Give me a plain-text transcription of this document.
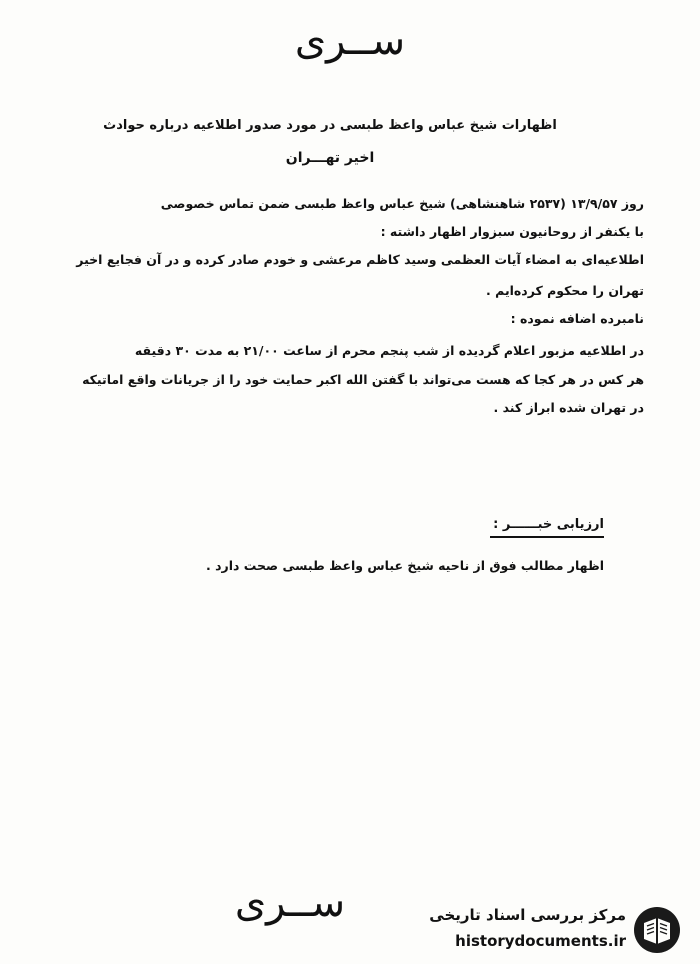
ســری
اظهارات شیخ عباس واعظ طبسی در مورد صدور اطلاعیه درباره حوادث
اخیر تهـــران
روز ۱۳/۹/۵۷ (۲۵۳۷ شاهنشاهی) شیخ عباس واعظ طبسی ضمن تماس خصوصی
با یکنفر از روحانیون سبزوار اظهار داشته :
اطلاعیه‌ای به امضاء آیات العظمی وسید کاظم مرعشی و خودم صادر کرده و در آن فجایع اخیر
تهران را محکوم کرده‌ایم .
نامبرده اضافه نموده :
در اطلاعیه مزبور اعلام گردیده از شب پنجم محرم از ساعت ۲۱/۰۰ به مدت ۳۰ دقیقه
هر کس در هر کجا که هست می‌تواند با گفتن الله اکبر حمایت خود را از جریانات واقع اماتیکه
در تهران شده ابراز کند .
ارزیابی خبــــــر :
اظهار مطالب فوق از ناحیه شیخ عباس واعظ طبسی صحت دارد .
ســری	مرکز بررسی اسناد تاریخی
historydocuments.ir
